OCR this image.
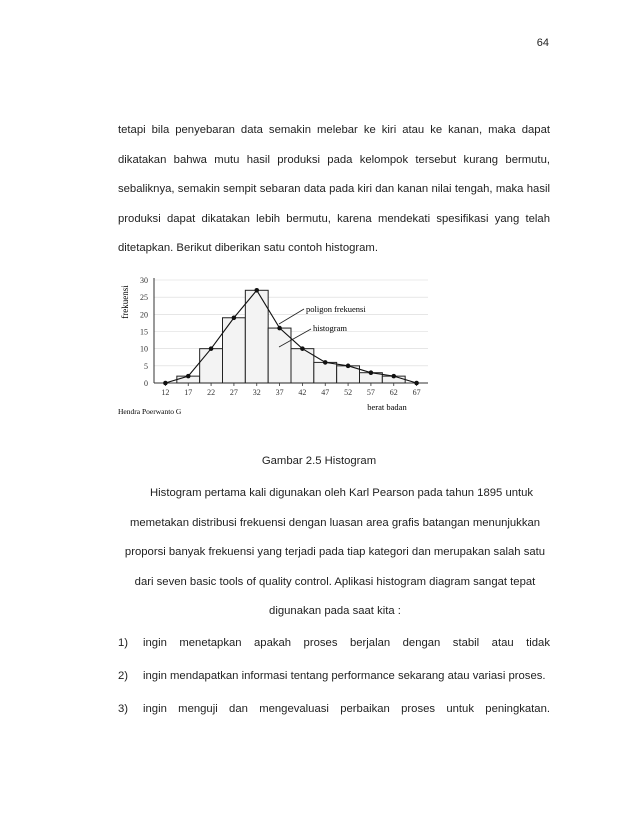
64

tetapi bila penyebaran data semakin melebar ke kiri atau ke kanan, maka dapat dikatakan bahwa mutu hasil produksi pada kelompok tersebut kurang bermutu, sebaliknya, semakin sempit sebaran data pada kiri dan kanan nilai tengah, maka hasil produksi dapat dikatakan lebih bermutu, karena mendekati spesifikasi yang telah ditetapkan. Berikut diberikan satu contoh histogram.

0
5
10
15
20
25
30
12 17 22 27 32 37 42 47 52 57 62 67
frekuensi
berat badan
Hendra Poerwanto G
poligon frekuensi
histogram
Gambar 2.5 Histogram
Histogram pertama kali digunakan oleh Karl Pearson pada tahun 1895 untuk
memetakan distribusi frekuensi dengan luasan area grafis batangan menunjukkan
proporsi banyak frekuensi yang terjadi pada tiap kategori dan merupakan salah satu
dari seven basic tools of quality control. Aplikasi histogram diagram sangat tepat
digunakan pada saat kita :
1)	ingin menetapkan apakah proses berjalan dengan stabil atau tidak
2)	ingin mendapatkan informasi tentang performance sekarang atau variasi proses.
3)	ingin menguji dan mengevaluasi perbaikan proses untuk peningkatan.
